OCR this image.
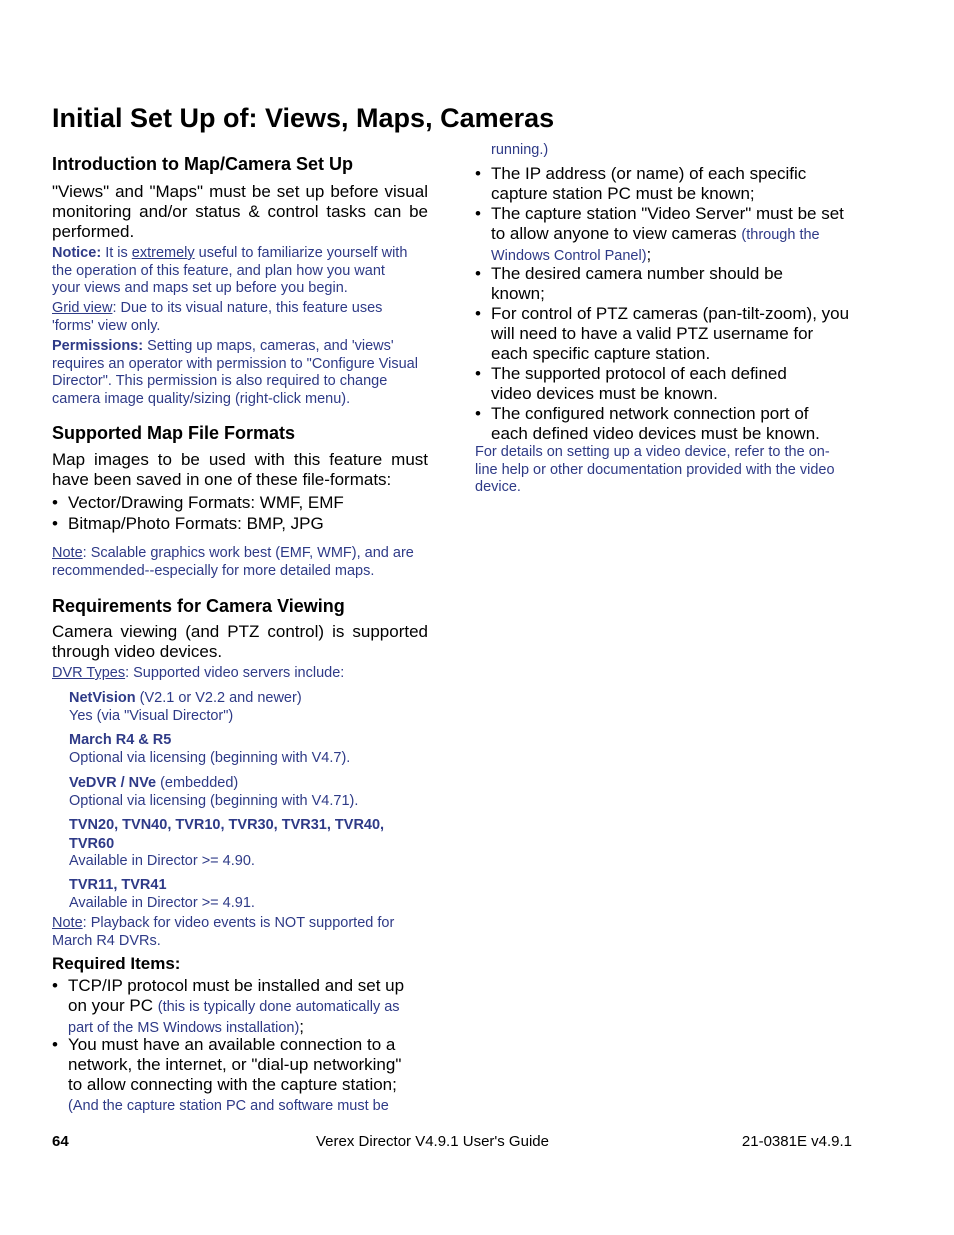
Initial Set Up of: Views, Maps, Cameras
Introduction to Map/Camera Set Up

"Views" and "Maps" must be set up before visual monitoring and/or status & control tasks can be performed.

Notice: It is extremely useful to familiarize yourself with the operation of this feature, and plan how you want your views and maps set up before you begin.

Grid view: Due to its visual nature, this feature uses 'forms' view only.

Permissions: Setting up maps, cameras, and 'views' requires an operator with permission to "Configure Visual Director". This permission is also required to change camera image quality/sizing (right-click menu).

Supported Map File Formats

Map images to be used with this feature must have been saved in one of these file-formats:

• Vector/Drawing Formats: WMF, EMF

• Bitmap/Photo Formats: BMP, JPG

Note: Scalable graphics work best (EMF, WMF), and are recommended--especially for more detailed maps.

Requirements for Camera Viewing

Camera viewing (and PTZ control) is supported through video devices.

DVR Types: Supported video servers include:

NetVision (V2.1 or V2.2 and newer)
Yes (via "Visual Director")
March R4 & R5
Optional via licensing (beginning with V4.7).
VeDVR / NVe (embedded)
Optional via licensing (beginning with V4.71).
TVN20, TVN40, TVR10, TVR30, TVR31, TVR40, TVR60
Available in Director >= 4.90.
TVR11, TVR41
Available in Director >= 4.91.

Note: Playback for video events is NOT supported for March R4 DVRs.

Required Items:

• TCP/IP protocol must be installed and set up on your PC (this is typically done automatically as part of the MS Windows installation);

• You must have an available connection to a network, the internet, or "dial-up networking" to allow connecting with the capture station;
(And the capture station PC and software must be

running.)

• The IP address (or name) of each specific capture station PC must be known;

• The capture station "Video Server" must be set to allow anyone to view cameras (through the Windows Control Panel);

• The desired camera number should be known;

• For control of PTZ cameras (pan-tilt-zoom), you will need to have a valid PTZ username for each specific capture station.

• The supported protocol of each defined video devices must be known.

• The configured network connection port of each defined video devices must be known.

For details on setting up a video device, refer to the on-line help or other documentation provided with the video device.

64	Verex Director V4.9.1 User's Guide	21-0381E v4.9.1
